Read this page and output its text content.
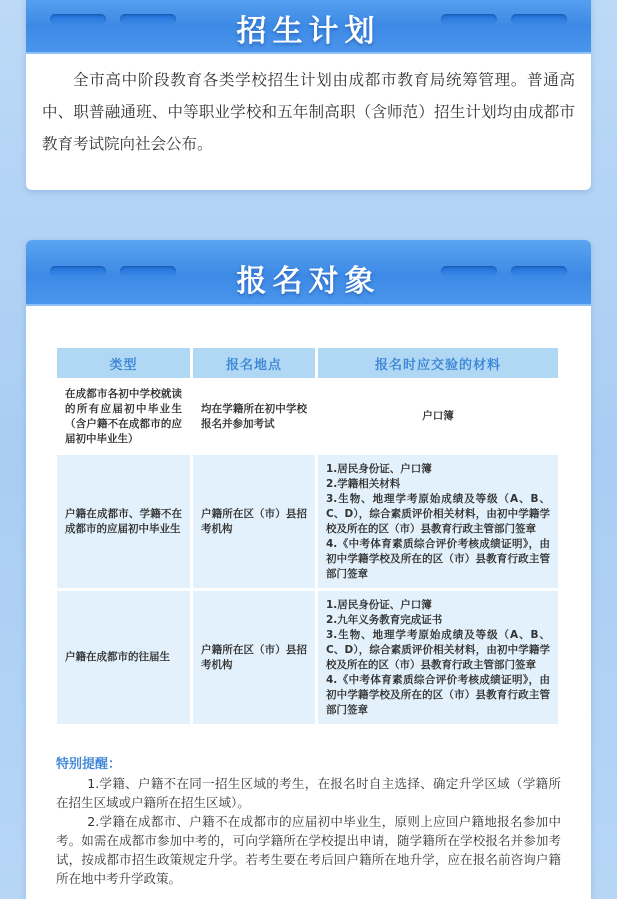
招生计划

全市高中阶段教育各类学校招生计划由成都市教育局统筹管理。普通高中、职普融通班、中等职业学校和五年制高职（含师范）招生计划均由成都市教育考试院向社会公布。

报名对象
类型	报名地点	报名时应交验的材料
在成都市各初中学校就读的所有应届初中毕业生（含户籍不在成都市的应届初中毕业生）	均在学籍所在初中学校报名并参加考试	户口簿

户籍在成都市、学籍不在成都市的应届初中毕业生	户籍所在区（市）县招考机构	1.居民身份证、户口簿
2.学籍相关材料
3.生物、地理学考原始成绩及等级（A、B、C、D），综合素质评价相关材料，由初中学籍学校及所在的区（市）县教育行政主管部门签章
4.《中考体育素质综合评价考核成绩证明》，由初中学籍学校及所在的区（市）县教育行政主管部门签章

户籍在成都市的往届生	户籍所在区（市）县招考机构	1.居民身份证、户口簿
2.九年义务教育完成证书
3.生物、地理学考原始成绩及等级（A、B、C、D），综合素质评价相关材料，由初中学籍学校及所在的区（市）县教育行政主管部门签章
4.《中考体育素质综合评价考核成绩证明》，由初中学籍学校及所在的区（市）县教育行政主管部门签章
特别提醒：

1.学籍、户籍不在同一招生区域的考生，在报名时自主选择、确定升学区域（学籍所在招生区域或户籍所在招生区域）。

2.学籍在成都市、户籍不在成都市的应届初中毕业生，原则上应回户籍地报名参加中考。如需在成都市参加中考的，可向学籍所在学校提出申请，随学籍所在学校报名并参加考试，按成都市招生政策规定升学。若考生要在考后回户籍所在地升学，应在报名前咨询户籍所在地中考升学政策。
